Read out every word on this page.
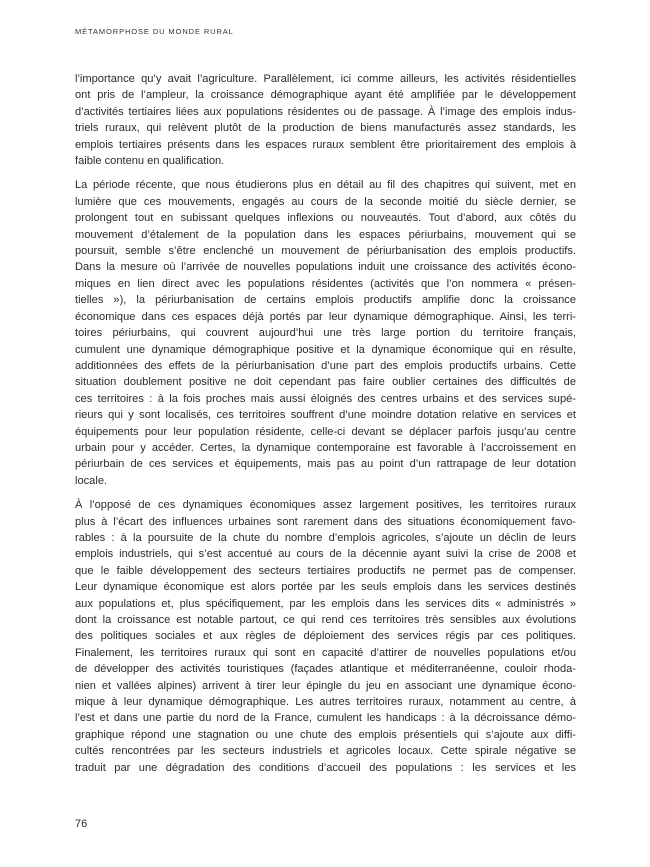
MÉTAMORPHOSE DU MONDE RURAL

l’importance qu’y avait l’agriculture. Parallèlement, ici comme ailleurs, les activités résidentielles
ont pris de l’ampleur, la croissance démographique ayant été amplifiée par le développement
d’activités tertiaires liées aux populations résidentes ou de passage. À l’image des emplois indus-
triels ruraux, qui relèvent plutôt de la production de biens manufacturés assez standards, les
emplois tertiaires présents dans les espaces ruraux semblent être prioritairement des emplois à
faible contenu en qualification.

La période récente, que nous étudierons plus en détail au fil des chapitres qui suivent, met en
lumière que ces mouvements, engagés au cours de la seconde moitié du siècle dernier, se
prolongent tout en subissant quelques inflexions ou nouveautés. Tout d’abord, aux côtés du
mouvement d’étalement de la population dans les espaces périurbains, mouvement qui se
poursuit, semble s’être enclenché un mouvement de périurbanisation des emplois productifs.
Dans la mesure où l’arrivée de nouvelles populations induit une croissance des activités écono-
miques en lien direct avec les populations résidentes (activités que l’on nommera « présen-
tielles »), la périurbanisation de certains emplois productifs amplifie donc la croissance
économique dans ces espaces déjà portés par leur dynamique démographique. Ainsi, les terri-
toires périurbains, qui couvrent aujourd’hui une très large portion du territoire français,
cumulent une dynamique démographique positive et la dynamique économique qui en résulte,
additionnées des effets de la périurbanisation d’une part des emplois productifs urbains. Cette
situation doublement positive ne doit cependant pas faire oublier certaines des difficultés de
ces territoires : à la fois proches mais aussi éloignés des centres urbains et des services supé-
rieurs qui y sont localisés, ces territoires souffrent d’une moindre dotation relative en services et
équipements pour leur population résidente, celle-ci devant se déplacer parfois jusqu’au centre
urbain pour y accéder. Certes, la dynamique contemporaine est favorable à l’accroissement en
périurbain de ces services et équipements, mais pas au point d’un rattrapage de leur dotation
locale.

À l’opposé de ces dynamiques économiques assez largement positives, les territoires ruraux
plus à l’écart des influences urbaines sont rarement dans des situations économiquement favo-
rables : à la poursuite de la chute du nombre d’emplois agricoles, s’ajoute un déclin de leurs
emplois industriels, qui s’est accentué au cours de la décennie ayant suivi la crise de 2008 et
que le faible développement des secteurs tertiaires productifs ne permet pas de compenser.
Leur dynamique économique est alors portée par les seuls emplois dans les services destinés
aux populations et, plus spécifiquement, par les emplois dans les services dits « administrés »
dont la croissance est notable partout, ce qui rend ces territoires très sensibles aux évolutions
des politiques sociales et aux règles de déploiement des services régis par ces politiques.
Finalement, les territoires ruraux qui sont en capacité d’attirer de nouvelles populations et/ou
de développer des activités touristiques (façades atlantique et méditerranéenne, couloir rhoda-
nien et vallées alpines) arrivent à tirer leur épingle du jeu en associant une dynamique écono-
mique à leur dynamique démographique. Les autres territoires ruraux, notamment au centre, à
l’est et dans une partie du nord de la France, cumulent les handicaps : à la décroissance démo-
graphique répond une stagnation ou une chute des emplois présentiels qui s’ajoute aux diffi-
cultés rencontrées par les secteurs industriels et agricoles locaux. Cette spirale négative se
traduit par une dégradation des conditions d’accueil des populations : les services et les

76
